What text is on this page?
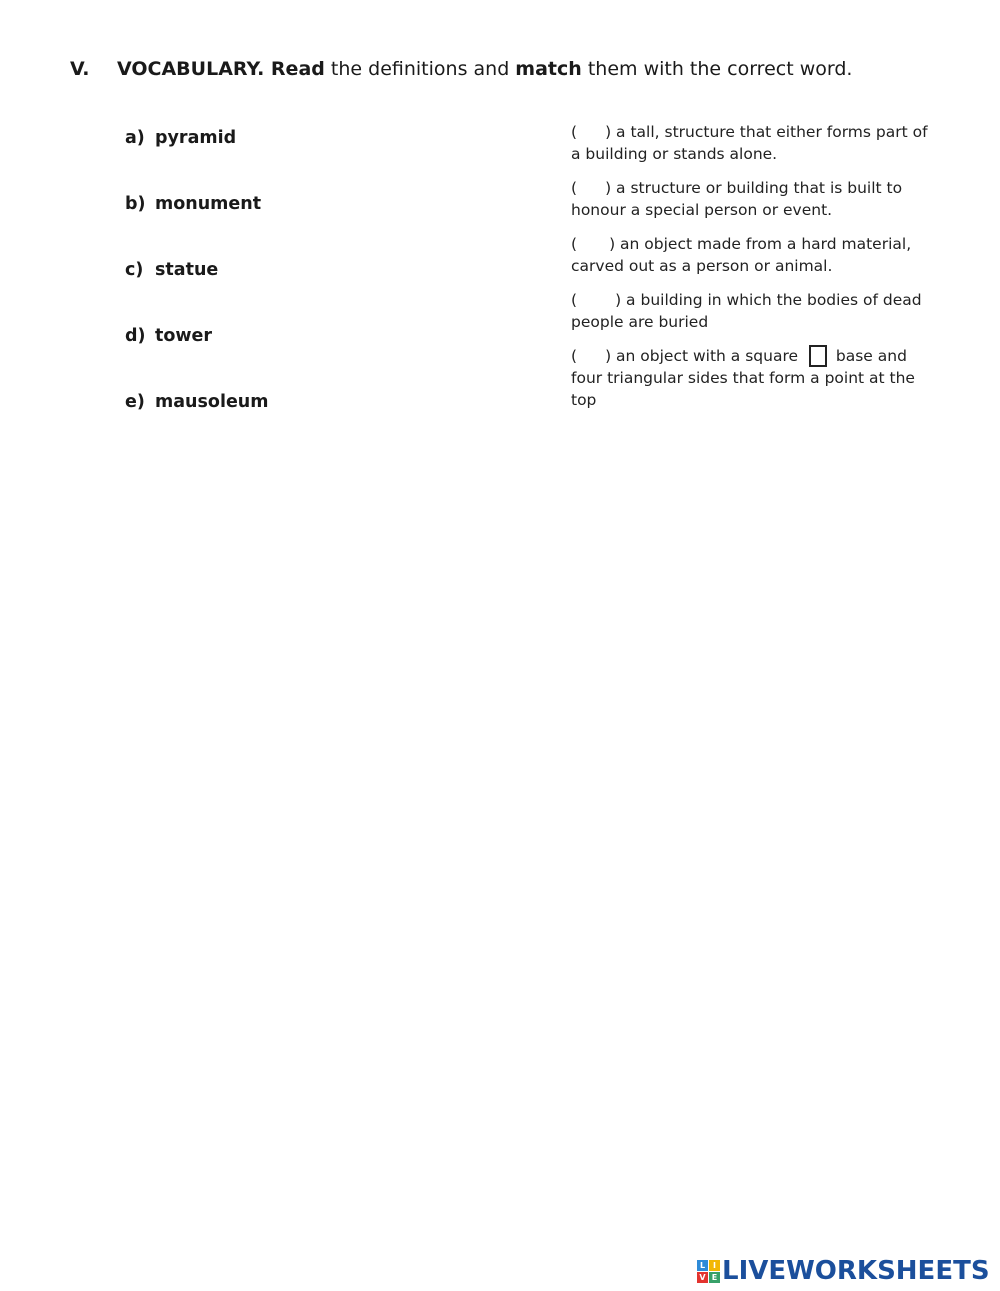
V. VOCABULARY. Read the definitions and match them with the correct word.
a) pyramid
b) monument
c) statue
d) tower
e) mausoleum
( ) a tall, structure that either forms part of a building or stands alone.
( ) a structure or building that is built to honour a special person or event.
( ) an object made from a hard material, carved out as a person or animal.
( ) a building in which the bodies of dead people are buried
( ) an object with a square  base and four triangular sides that form a point at the top
L I
V E LIVEWORKSHEETS
